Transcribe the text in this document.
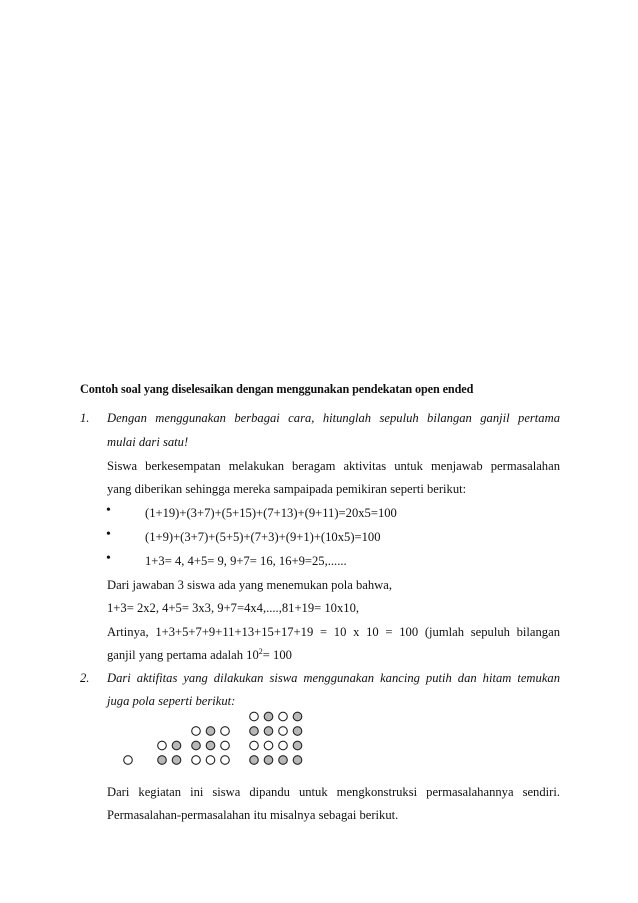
Contoh soal yang diselesaikan dengan menggunakan pendekatan open ended
1. Dengan menggunakan berbagai cara, hitunglah sepuluh bilangan ganjil pertama
mulai dari satu!
Siswa berkesempatan melakukan beragam aktivitas untuk menjawab permasalahan
yang diberikan sehingga mereka sampaipada pemikiran seperti berikut:
•	(1+19)+(3+7)+(5+15)+(7+13)+(9+11)=20x5=100
•	(1+9)+(3+7)+(5+5)+(7+3)+(9+1)+(10x5)=100
•	1+3= 4, 4+5= 9, 9+7= 16, 16+9=25,......
Dari jawaban 3 siswa ada yang menemukan pola bahwa,
1+3= 2x2, 4+5= 3x3, 9+7=4x4,....,81+19= 10x10,
Artinya, 1+3+5+7+9+11+13+15+17+19 = 10 x 10 = 100 (jumlah sepuluh bilangan
ganjil yang pertama adalah $10^2= 100$
2. Dari aktifitas yang dilakukan siswa menggunakan kancing putih dan hitam temukan
juga pola seperti berikut:
Dari kegiatan ini siswa dipandu untuk mengkonstruksi permasalahannya sendiri.
Permasalahan-permasalahan itu misalnya sebagai berikut.
